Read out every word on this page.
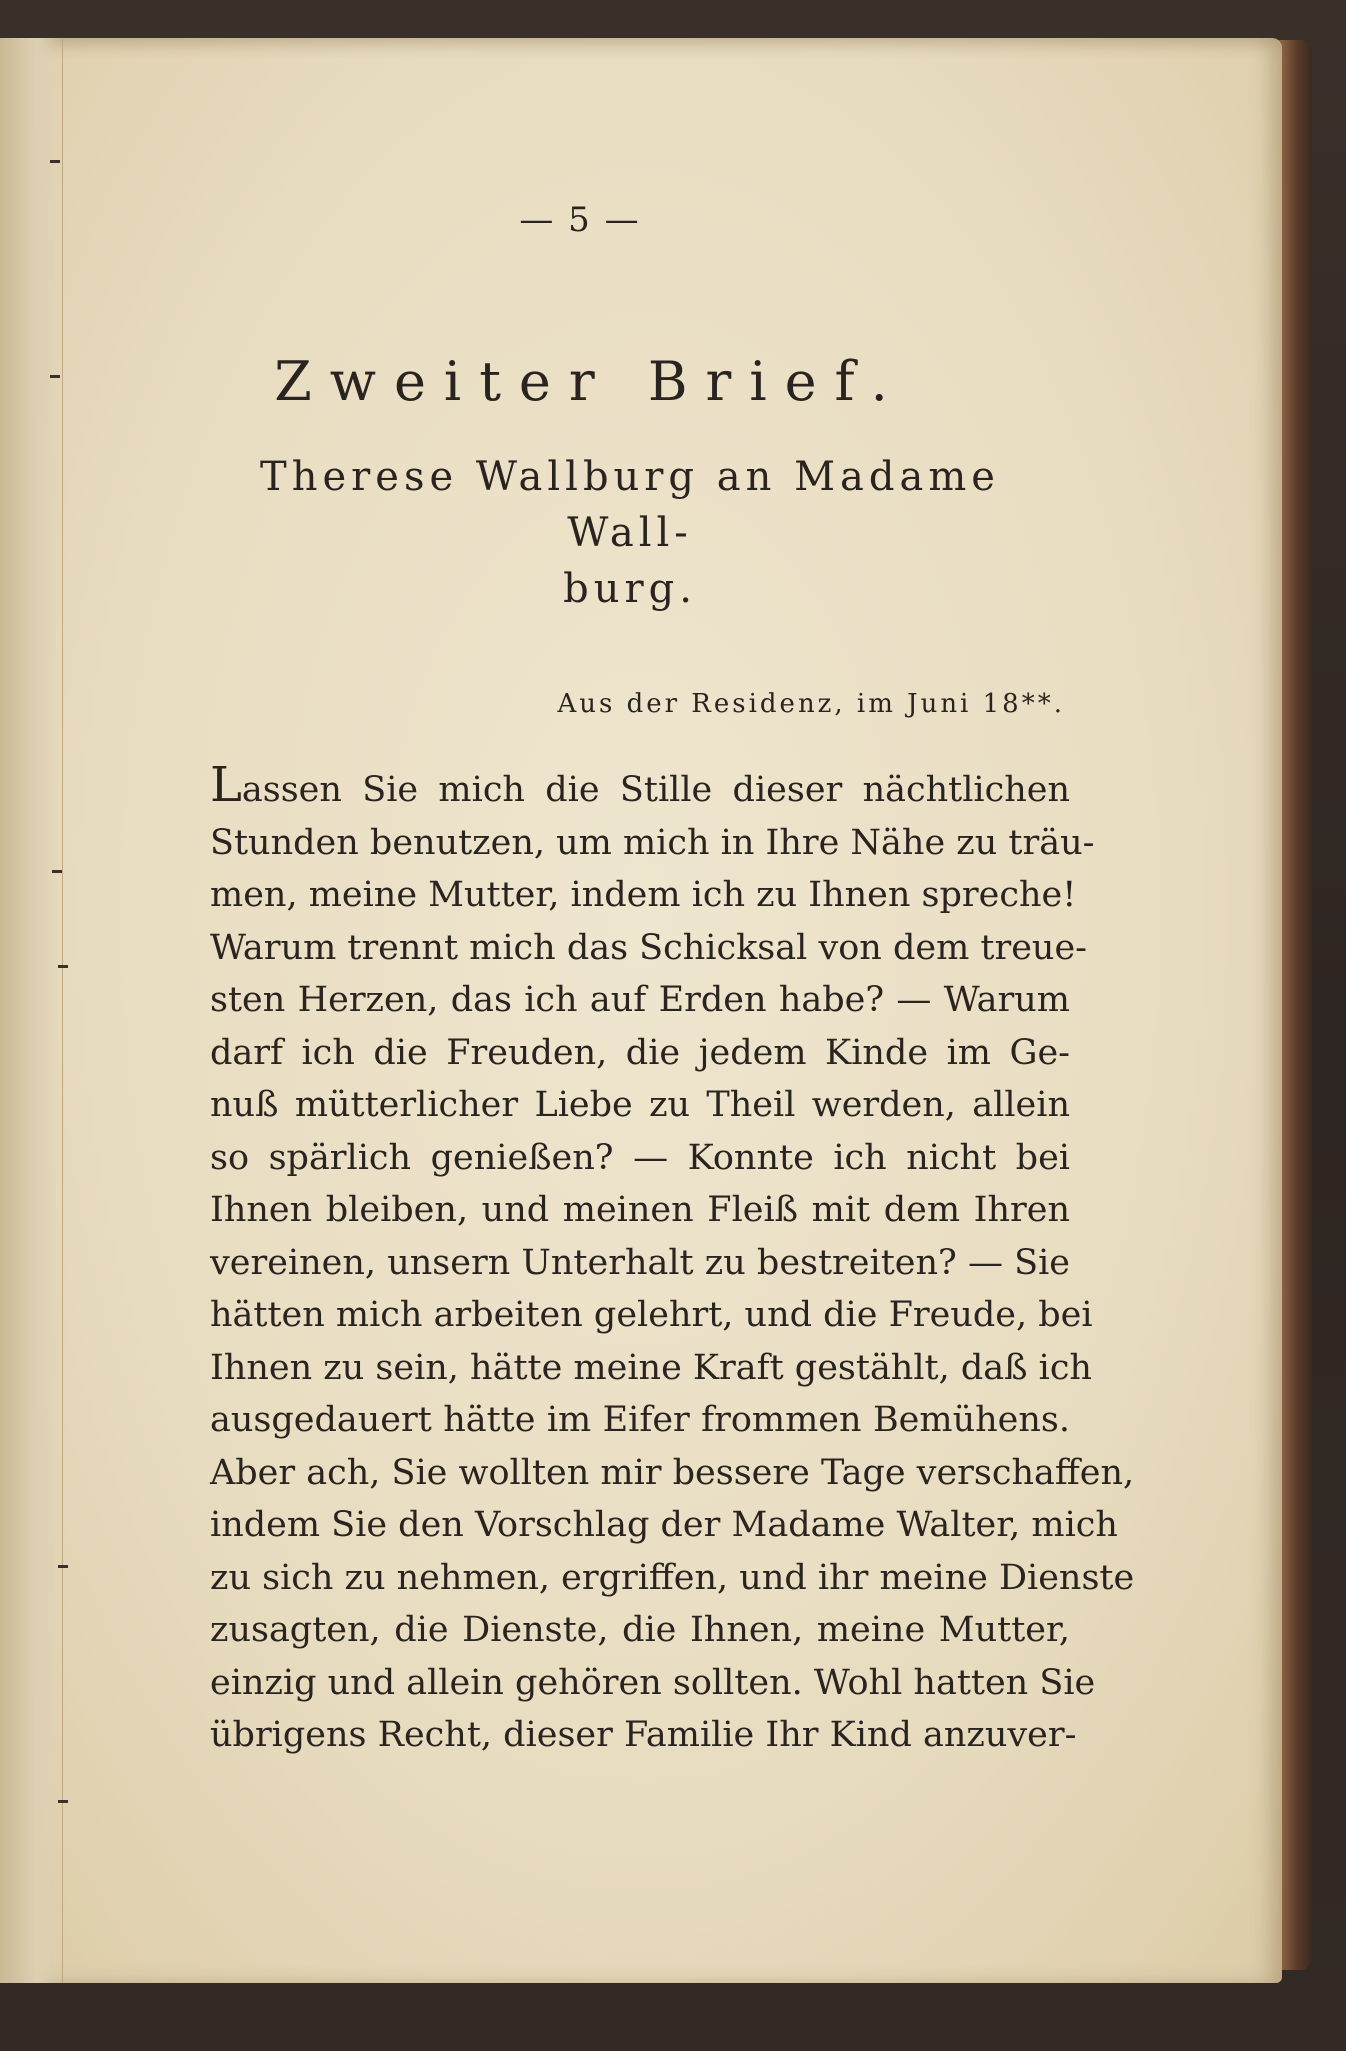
— 5 —
Zweiter Brief.
Therese Wallburg an Madame Wall-
burg.
Aus der Residenz, im Juni 18**.
Lassen Sie mich die Stille dieser nächtlichen
Stunden benutzen, um mich in Ihre Nähe zu träu-
men, meine Mutter, indem ich zu Ihnen spreche!
Warum trennt mich das Schicksal von dem treue-
sten Herzen, das ich auf Erden habe? — Warum
darf ich die Freuden, die jedem Kinde im Ge-
nuß mütterlicher Liebe zu Theil werden, allein
so spärlich genießen? — Konnte ich nicht bei
Ihnen bleiben, und meinen Fleiß mit dem Ihren
vereinen, unsern Unterhalt zu bestreiten? — Sie
hätten mich arbeiten gelehrt, und die Freude, bei
Ihnen zu sein, hätte meine Kraft gestählt, daß ich
ausgedauert hätte im Eifer frommen Bemühens.
Aber ach, Sie wollten mir bessere Tage verschaffen,
indem Sie den Vorschlag der Madame Walter, mich
zu sich zu nehmen, ergriffen, und ihr meine Dienste
zusagten, die Dienste, die Ihnen, meine Mutter,
einzig und allein gehören sollten. Wohl hatten Sie
übrigens Recht, dieser Familie Ihr Kind anzuver-
